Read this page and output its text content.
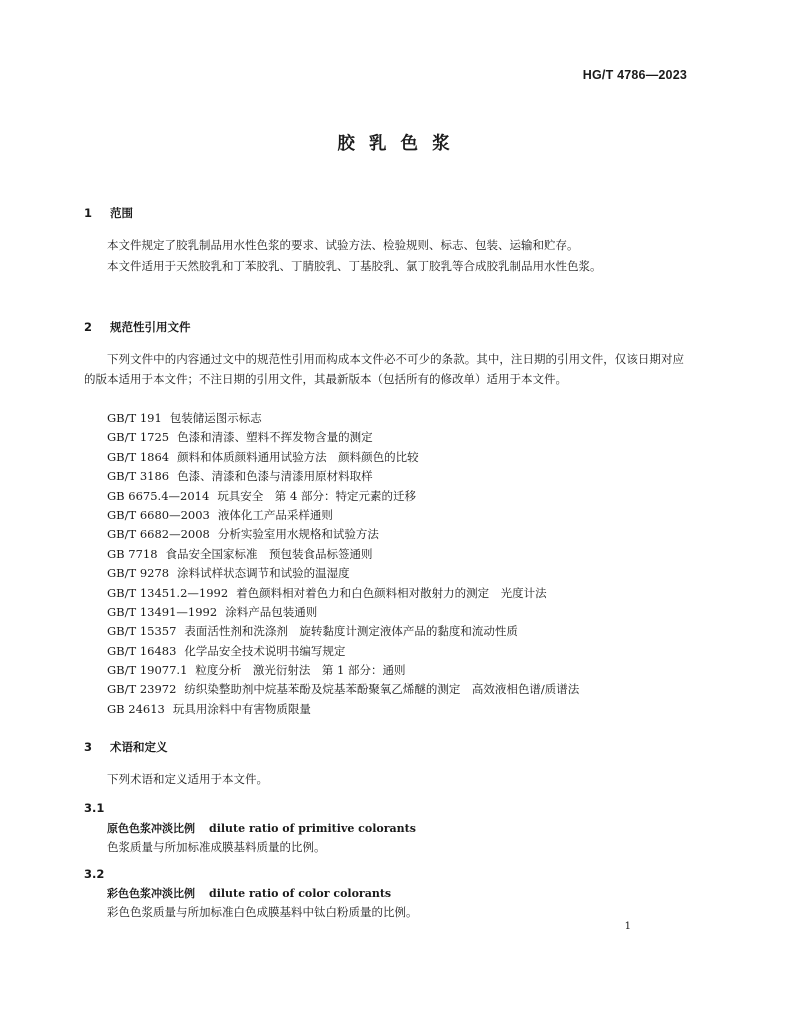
HG/T 4786—2023
胶 乳 色 浆
1 范围
本文件规定了胶乳制品用水性色浆的要求、试验方法、检验规则、标志、包装、运输和贮存。
本文件适用于天然胶乳和丁苯胶乳、丁腈胶乳、丁基胶乳、氯丁胶乳等合成胶乳制品用水性色浆。
2 规范性引用文件
下列文件中的内容通过文中的规范性引用而构成本文件必不可少的条款。其中，注日期的引用文件，仅该日期对应的版本适用于本文件；不注日期的引用文件，其最新版本（包括所有的修改单）适用于本文件。
GB/T 191 包装储运图示标志
GB/T 1725 色漆和清漆、塑料不挥发物含量的测定
GB/T 1864 颜料和体质颜料通用试验方法　颜料颜色的比较
GB/T 3186 色漆、清漆和色漆与清漆用原材料取样
GB 6675.4—2014 玩具安全　第 4 部分：特定元素的迁移
GB/T 6680—2003 液体化工产品采样通则
GB/T 6682—2008 分析实验室用水规格和试验方法
GB 7718 食品安全国家标准　预包装食品标签通则
GB/T 9278 涂料试样状态调节和试验的温湿度
GB/T 13451.2—1992 着色颜料相对着色力和白色颜料相对散射力的测定　光度计法
GB/T 13491—1992 涂料产品包装通则
GB/T 15357 表面活性剂和洗涤剂　旋转黏度计测定液体产品的黏度和流动性质
GB/T 16483 化学品安全技术说明书编写规定
GB/T 19077.1 粒度分析　激光衍射法　第 1 部分：通则
GB/T 23972 纺织染整助剂中烷基苯酚及烷基苯酚聚氧乙烯醚的测定　高效液相色谱/质谱法
GB 24613 玩具用涂料中有害物质限量
3 术语和定义
下列术语和定义适用于本文件。
3.1
原色色浆冲淡比例 dilute ratio of primitive colorants
色浆质量与所加标准成膜基料质量的比例。
3.2
彩色色浆冲淡比例 dilute ratio of color colorants
彩色色浆质量与所加标准白色成膜基料中钛白粉质量的比例。
1
